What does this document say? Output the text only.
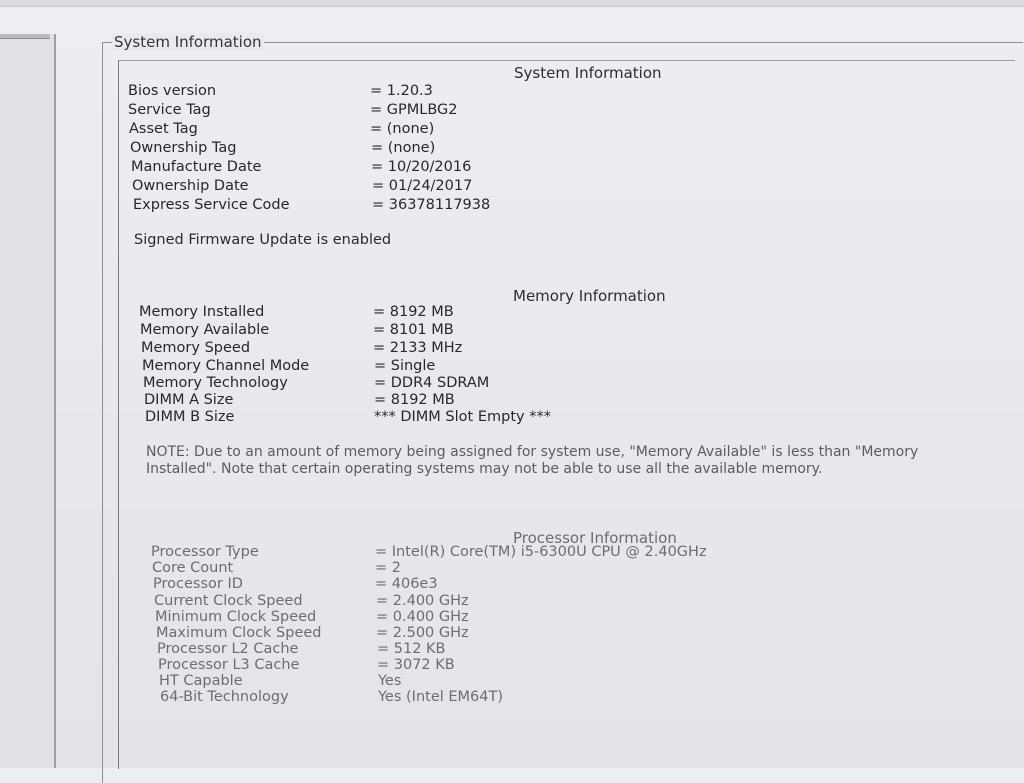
System Information
System Information
Bios version	= 1.20.3
Service Tag	= GPMLBG2
Asset Tag	= (none)
Ownership Tag	= (none)
Manufacture Date	= 10/20/2016
Ownership Date	= 01/24/2017
Express Service Code	= 36378117938
Signed Firmware Update is enabled
Memory Information
Memory Installed	= 8192 MB
Memory Available	= 8101 MB
Memory Speed	= 2133 MHz
Memory Channel Mode	= Single
Memory Technology	= DDR4 SDRAM
DIMM A Size	= 8192 MB
DIMM B Size	*** DIMM Slot Empty ***
NOTE: Due to an amount of memory being assigned for system use, "Memory Available" is less than "Memory Installed". Note that certain operating systems may not be able to use all the available memory.
Processor Information
Processor Type	= Intel(R) Core(TM) i5-6300U CPU @ 2.40GHz
Core Count	= 2
Processor ID	= 406e3
Current Clock Speed	= 2.400 GHz
Minimum Clock Speed	= 0.400 GHz
Maximum Clock Speed	= 2.500 GHz
Processor L2 Cache	= 512 KB
Processor L3 Cache	= 3072 KB
HT Capable	Yes
64-Bit Technology	Yes (Intel EM64T)
